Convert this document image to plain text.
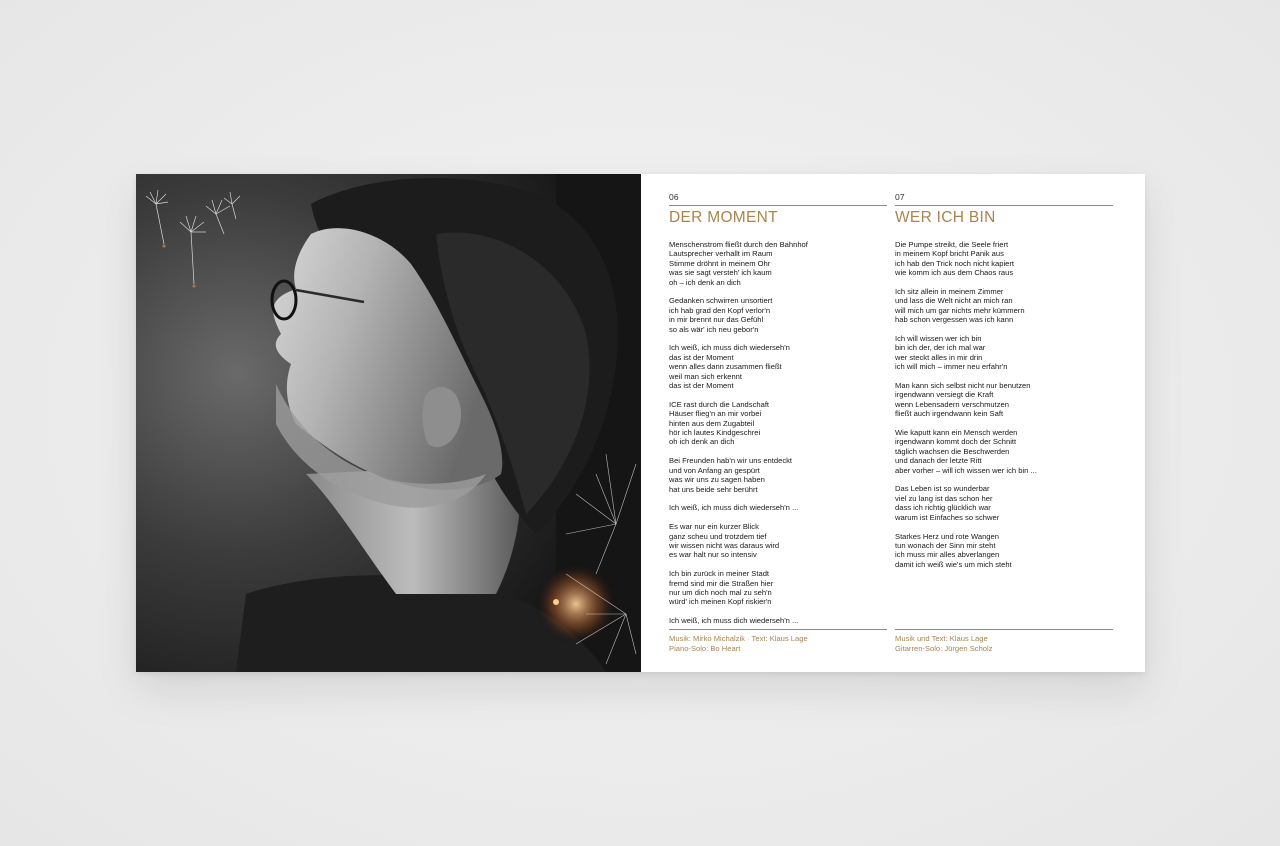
06
DER MOMENT
Menschenstrom fließt durch den Bahnhof
Lautsprecher verhallt im Raum
Stimme dröhnt in meinem Ohr
was sie sagt versteh' ich kaum
oh – ich denk an dich
Gedanken schwirren unsortiert
ich hab grad den Kopf verlor'n
in mir brennt nur das Gefühl
so als wär' ich neu gebor'n
Ich weiß, ich muss dich wiederseh'n
das ist der Moment
wenn alles dann zusammen fließt
weil man sich erkennt
das ist der Moment
ICE rast durch die Landschaft
Häuser flieg'n an mir vorbei
hinten aus dem Zugabteil
hör ich lautes Kindgeschrei
oh ich denk an dich
Bei Freunden hab'n wir uns entdeckt
und von Anfang an gespürt
was wir uns zu sagen haben
hat uns beide sehr berührt
Ich weiß, ich muss dich wiederseh'n ...
Es war nur ein kurzer Blick
ganz scheu und trotzdem tief
wir wissen nicht was daraus wird
es war halt nur so intensiv
Ich bin zurück in meiner Stadt
fremd sind mir die Straßen hier
nur um dich noch mal zu seh'n
würd' ich meinen Kopf riskier'n
Ich weiß, ich muss dich wiederseh'n ...
Musik: Mirko Michalzik · Text: Klaus Lage
Piano-Solo: Bo Heart
07
WER ICH BIN
Die Pumpe streikt, die Seele friert
in meinem Kopf bricht Panik aus
ich hab den Trick noch nicht kapiert
wie komm ich aus dem Chaos raus
Ich sitz allein in meinem Zimmer
und lass die Welt nicht an mich ran
will mich um gar nichts mehr kümmern
hab schon vergessen was ich kann
Ich will wissen wer ich bin
bin ich der, der ich mal war
wer steckt alles in mir drin
ich will mich – immer neu erfahr'n
Man kann sich selbst nicht nur benutzen
irgendwann versiegt die Kraft
wenn Lebensadern verschmutzen
fließt auch irgendwann kein Saft
Wie kaputt kann ein Mensch werden
irgendwann kommt doch der Schnitt
täglich wachsen die Beschwerden
und danach der letzte Ritt
aber vorher – will ich wissen wer ich bin ...
Das Leben ist so wunderbar
viel zu lang ist das schon her
dass ich richtig glücklich war
warum ist Einfaches so schwer
Starkes Herz und rote Wangen
tun wonach der Sinn mir steht
ich muss mir alles abverlangen
damit ich weiß wie's um mich steht
Musik und Text: Klaus Lage
Gitarren-Solo: Jürgen Scholz
